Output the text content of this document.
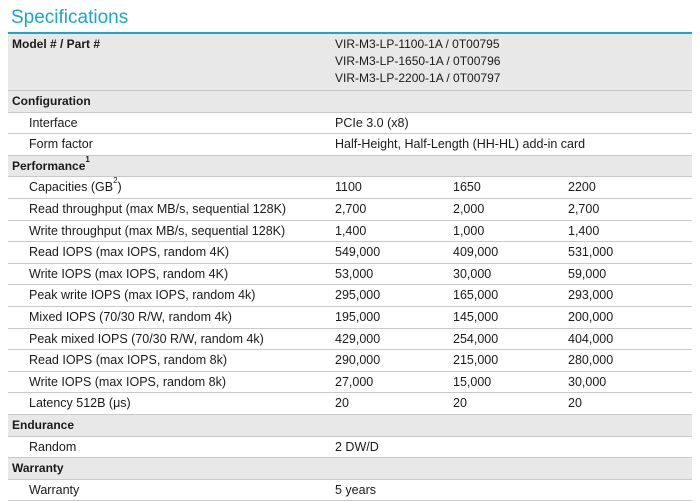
Specifications
Model # / Part #	VIR-M3-LP-1100-1A / 0T00795
VIR-M3-LP-1650-1A / 0T00796
VIR-M3-LP-2200-1A / 0T00797
Configuration
Interface	PCIe 3.0 (x8)
Form factor	Half-Height, Half-Length (HH-HL) add-in card
Performance$^1$
Capacities $(GB^2)$	1100	1650	2200
Read throughput (max MB/s, sequential 128K)	2,700	2,000	2,700
Write throughput (max MB/s, sequential 128K)	1,400	1,000	1,400
Read IOPS (max IOPS, random 4K)	549,000	409,000	531,000
Write IOPS (max IOPS, random 4K)	53,000	30,000	59,000
Peak write IOPS (max IOPS, random 4k)	295,000	165,000	293,000
Mixed IOPS (70/30 R/W, random 4k)	195,000	145,000	200,000
Peak mixed IOPS (70/30 R/W, random 4k)	429,000	254,000	404,000
Read IOPS (max IOPS, random 8k)	290,000	215,000	280,000
Write IOPS (max IOPS, random 8k)	27,000	15,000	30,000
Latency 512B (μs)	20	20	20
Endurance
Random	2 DW/D
Warranty
Warranty	5 years
